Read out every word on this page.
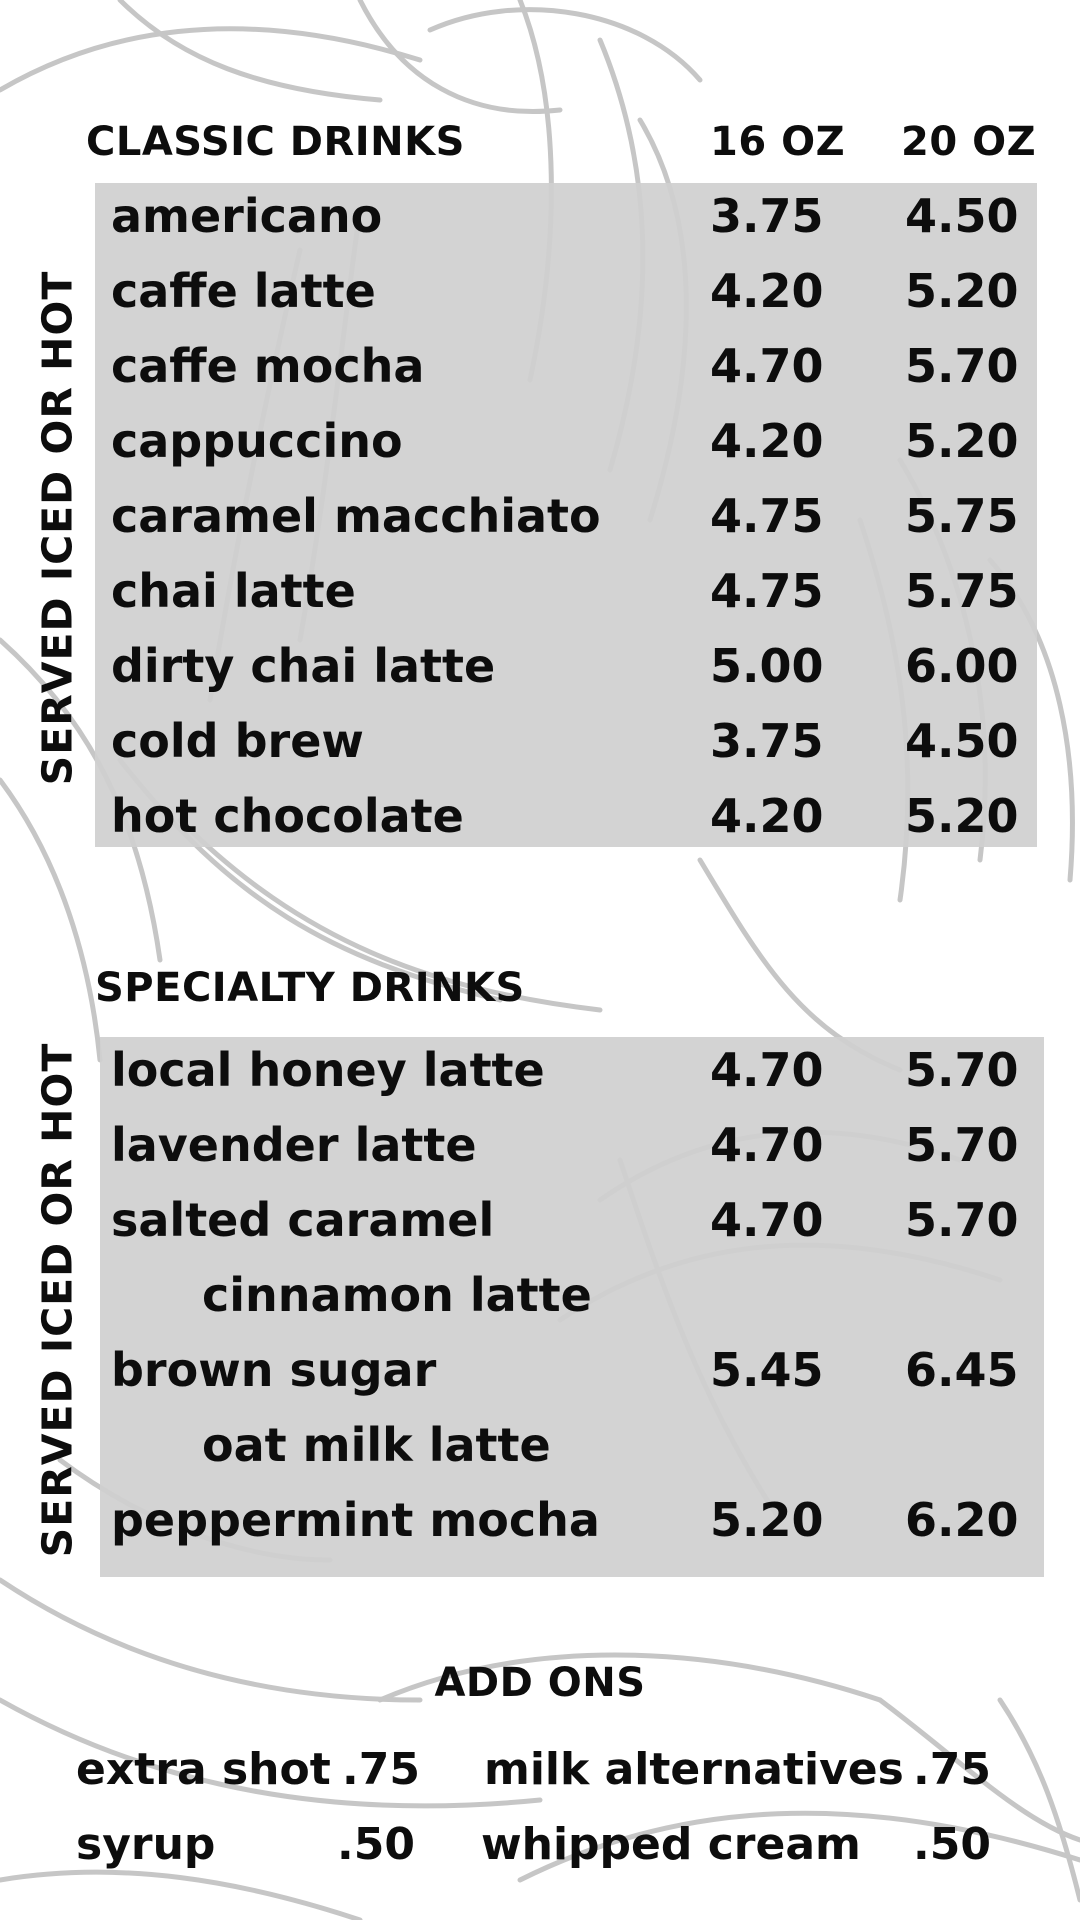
CLASSIC DRINKS	16 OZ 20 OZ
SERVED ICED OR HOT
americano	3.75 4.50
caffe latte	4.20 5.20
caffe mocha	4.70 5.70
cappuccino	4.20 5.20
caramel macchiato 4.75 5.75
chai latte	4.75 5.75
dirty chai latte	5.00 6.00
cold brew	3.75 4.50
hot chocolate	4.20 5.20
SPECIALTY DRINKS
SERVED ICED OR HOT local honey latte	4.70 5.70
lavender latte	4.70 5.70
salted caramel
cinnamon latte
4.70 5.70
brown sugar
oat milk latte
5.45 6.45
peppermint mocha 5.20 6.20
ADD ONS
extra shot .75 milk alternatives .75
syrup	.50 whipped cream .50
